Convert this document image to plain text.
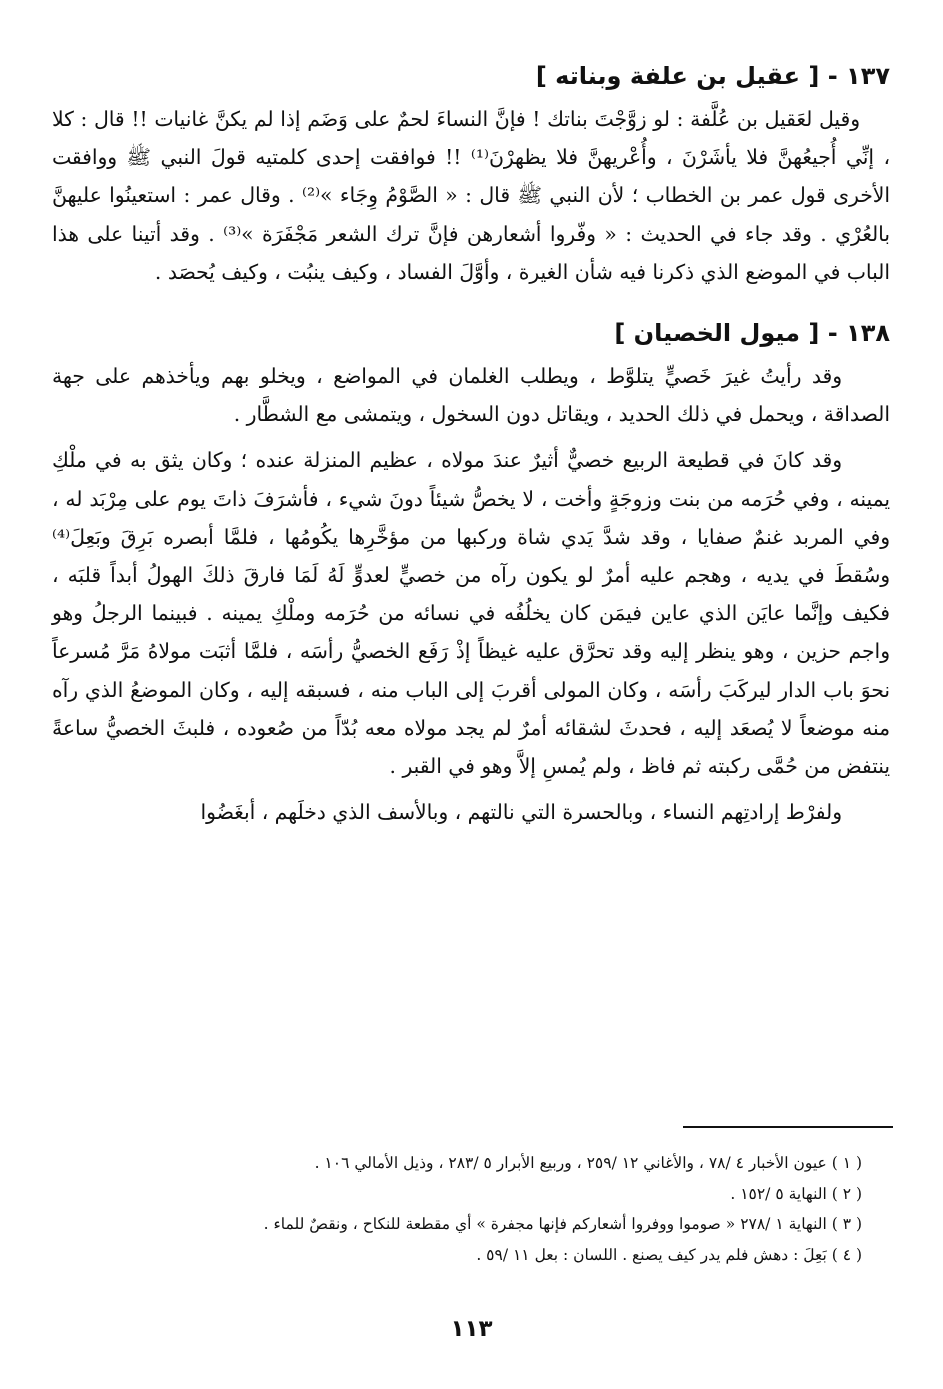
١٣٧ - [ عقيل بن علفة وبناته ]

وقيل لعَقيل بن عُلَّفة : لو زوَّجْتَ بناتك ! فإنَّ النساءَ لحمٌ على وَضَم إذا لم يكنَّ غانيات !! قال : كلا ، إنِّي أُجيعُهنَّ فلا يأشَرْنَ ، وأُعْريهنَّ فلا يظهرْنَ⁽¹⁾ !! فوافقت إحدى كلمتيه قولَ النبي ﷺ ووافقت الأخرى قول عمر بن الخطاب ؛ لأن النبي ﷺ قال : « الصَّوْمُ وِجَاء »⁽²⁾ . وقال عمر : استعينُوا عليهنَّ بالعُرْي . وقد جاء في الحديث : « وفّروا أشعارهن فإنَّ ترك الشعر مَجْفَرَة »⁽³⁾ . وقد أتينا على هذا الباب في الموضع الذي ذكرنا فيه شأن الغيرة ، وأوَّلَ الفساد ، وكيف ينبُت ، وكيف يُحصَد .

١٣٨ - [ ميول الخصيان ]

وقد رأيتُ غيرَ خَصيٍّ يتلوَّط ، ويطلب الغلمان في المواضع ، ويخلو بهم ويأخذهم على جهة الصداقة ، ويحمل في ذلك الحديد ، ويقاتل دون السخول ، ويتمشى مع الشطَّار .

وقد كانَ في قطيعة الربيع خصيٌّ أثيرٌ عندَ مولاه ، عظيم المنزلة عنده ؛ وكان يثق به في ملْكِ يمينه ، وفي حُرَمه من بنت وزوجَةٍ وأخت ، لا يخصُّ شيئاً دونَ شيء ، فأشرَفَ ذاتَ يوم على مِرْبَد له ، وفي المربد غنمٌ صفايا ، وقد شدَّ يَدي شاة وركبها من مؤخَّرِها يكُومُها ، فلمَّا أبصره بَرِقَ وبَعِلَ⁽⁴⁾ وسُقطَ في يديه ، وهجم عليه أمرٌ لو يكون رآه من خصيٍّ لعدوٍّ لَهُ لَمَا فارقَ ذلكَ الهولُ أبداً قلبَه ، فكيف وإنَّما عايَن الذي عاين فيمَن كان يخلُفُه في نسائه من حُرَمه وملْكِ يمينه . فبينما الرجلُ وهو واجم حزين ، وهو ينظر إليه وقد تحرَّق عليه غيظاً إذْ رَفَع الخصيُّ رأسَه ، فلمَّا أثبَت مولاهُ مَرَّ مُسرعاً نحوَ باب الدار ليركَبَ رأسَه ، وكان المولى أقربَ إلى الباب منه ، فسبقه إليه ، وكان الموضعُ الذي رآه منه موضعاً لا يُصعَد إليه ، فحدثَ لشقائه أمرٌ لم يجد مولاه معه بُدّاً من صُعوده ، فلبثَ الخصيُّ ساعةً ينتفض من حُمَّى ركبته ثم فاظ ، ولم يُمسِ إلاَّ وهو في القبر .

ولفرْط إرادتِهم النساء ، وبالحسرة التي نالتهم ، وبالأسف الذي دخلَهم ، أبغَضُوا

( ١ ) عيون الأخبار ٤ /٧٨ ، والأغاني ١٢ /٢٥٩ ، وربيع الأبرار ٥ /٢٨٣ ، وذيل الأمالي ١٠٦ .
( ٢ ) النهاية ٥ /١٥٢ .
( ٣ ) النهاية ١ /٢٧٨ « صوموا ووفروا أشعاركم فإنها مجفرة » أي مقطعة للنكاح ، ونقصٌ للماء .
( ٤ ) بَعِلَ : دهش فلم يدر كيف يصنع . اللسان : بعل ١١ /٥٩ .
١١٣
